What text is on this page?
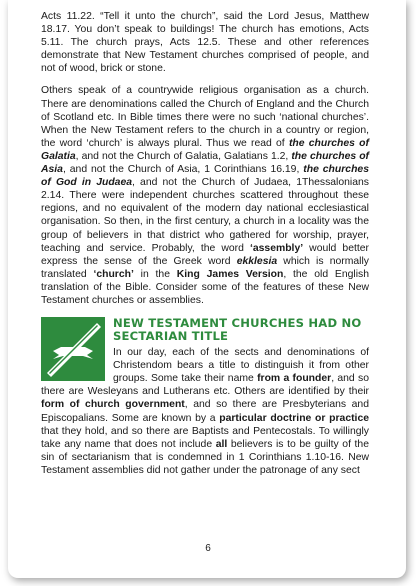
Acts 11.22. “Tell it unto the church”, said the Lord Jesus, Matthew 18.17. You don’t speak to buildings! The church has emotions, Acts 5.11. The church prays, Acts 12.5. These and other references demonstrate that New Testament churches comprised of people, and not of wood, brick or stone.

Others speak of a countrywide religious organisation as a church. There are denominations called the Church of England and the Church of Scotland etc. In Bible times there were no such ‘national churches’. When the New Testament refers to the church in a country or region, the word ‘church’ is always plural. Thus we read of the churches of Galatia, and not the Church of Galatia, Galatians 1.2, the churches of Asia, and not the Church of Asia, 1 Corinthians 16.19, the churches of God in Judaea, and not the Church of Judaea, 1Thessalonians 2.14. There were independent churches scattered throughout these regions, and no equivalent of the modern day national ecclesiastical organisation. So then, in the first century, a church in a locality was the group of believers in that district who gathered for worship, prayer, teaching and service. Probably, the word ‘assembly’ would better express the sense of the Greek word ekklesia which is normally translated ‘church’ in the King James Version, the old English translation of the Bible. Consider some of the features of these New Testament churches or assemblies.

NEW TESTAMENT CHURCHES HAD NO SECTARIAN TITLE

In our day, each of the sects and denominations of Christendom bears a title to distinguish it from other groups. Some take their name from a founder, and so there are Wesleyans and Lutherans etc. Others are identified by their form of church government, and so there are Presbyterians and Episcopalians. Some are known by a particular doctrine or practice that they hold, and so there are Baptists and Pentecostals. To willingly take any name that does not include all believers is to be guilty of the sin of sectarianism that is condemned in 1 Corinthians 1.10-16. New Testament assemblies did not gather under the patronage of any sect

6
